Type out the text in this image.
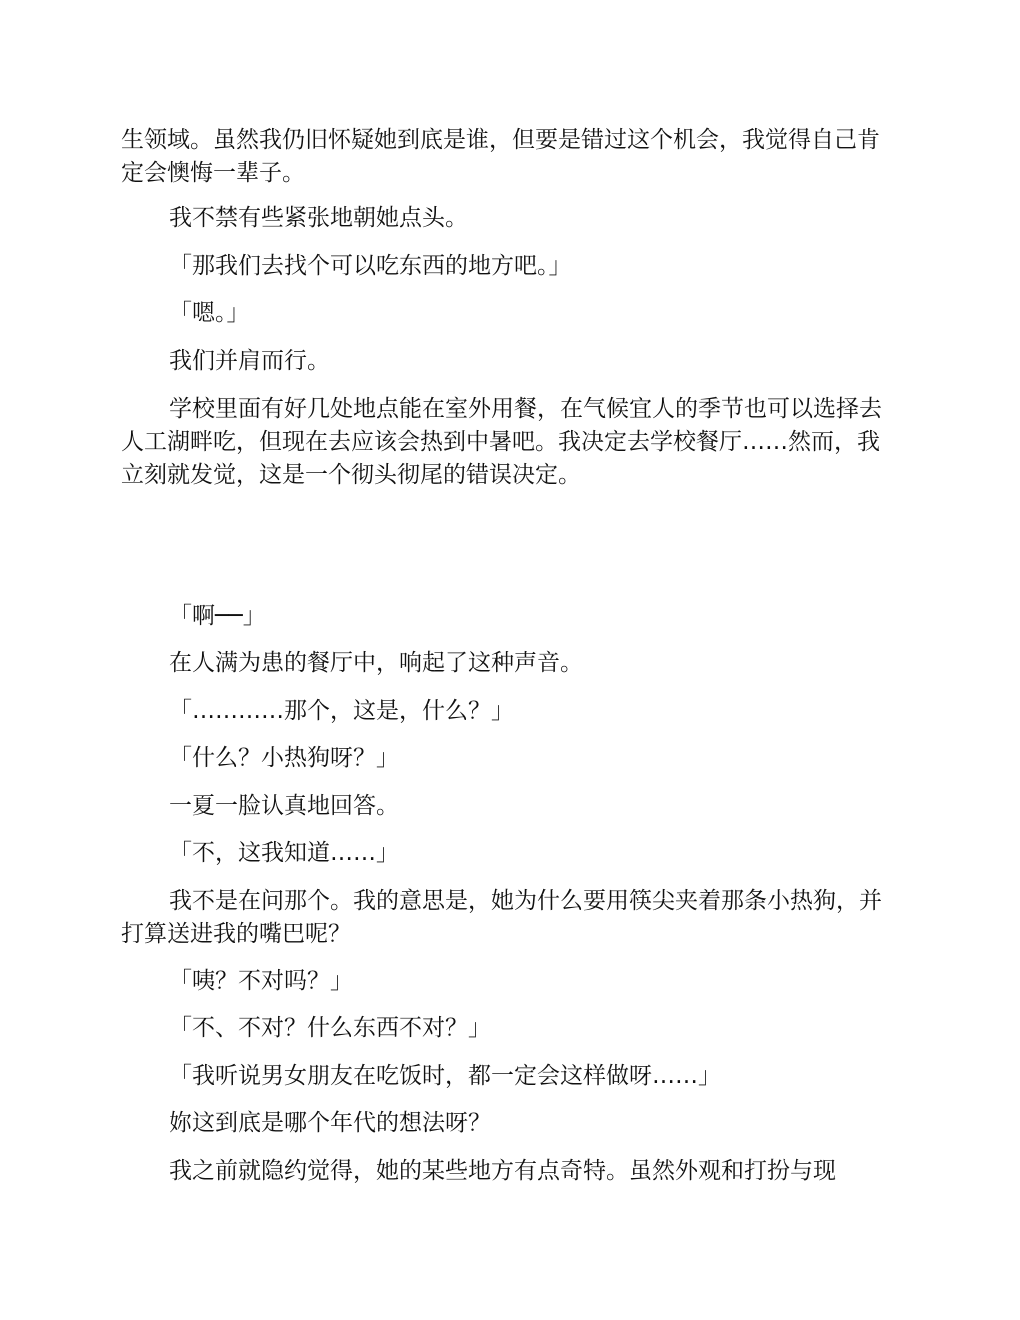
生领域。虽然我仍旧怀疑她到底是谁，但要是错过这个机会，我觉得自己肯定会懊悔一辈子。

我不禁有些紧张地朝她点头。

「那我们去找个可以吃东西的地方吧。」

「嗯。」

我们并肩而行。

学校里面有好几处地点能在室外用餐，在气候宜人的季节也可以选择去人工湖畔吃，但现在去应该会热到中暑吧。我决定去学校餐厅……然而，我立刻就发觉，这是一个彻头彻尾的错误决定。

「啊──」

在人满为患的餐厅中，响起了这种声音。

「…………那个，这是，什么？」

「什么？小热狗呀？」

一夏一脸认真地回答。

「不，这我知道……」

我不是在问那个。我的意思是，她为什么要用筷尖夹着那条小热狗，并打算送进我的嘴巴呢？

「咦？不对吗？」

「不、不对？什么东西不对？」

「我听说男女朋友在吃饭时，都一定会这样做呀……」

妳这到底是哪个年代的想法呀？

我之前就隐约觉得，她的某些地方有点奇特。虽然外观和打扮与现
